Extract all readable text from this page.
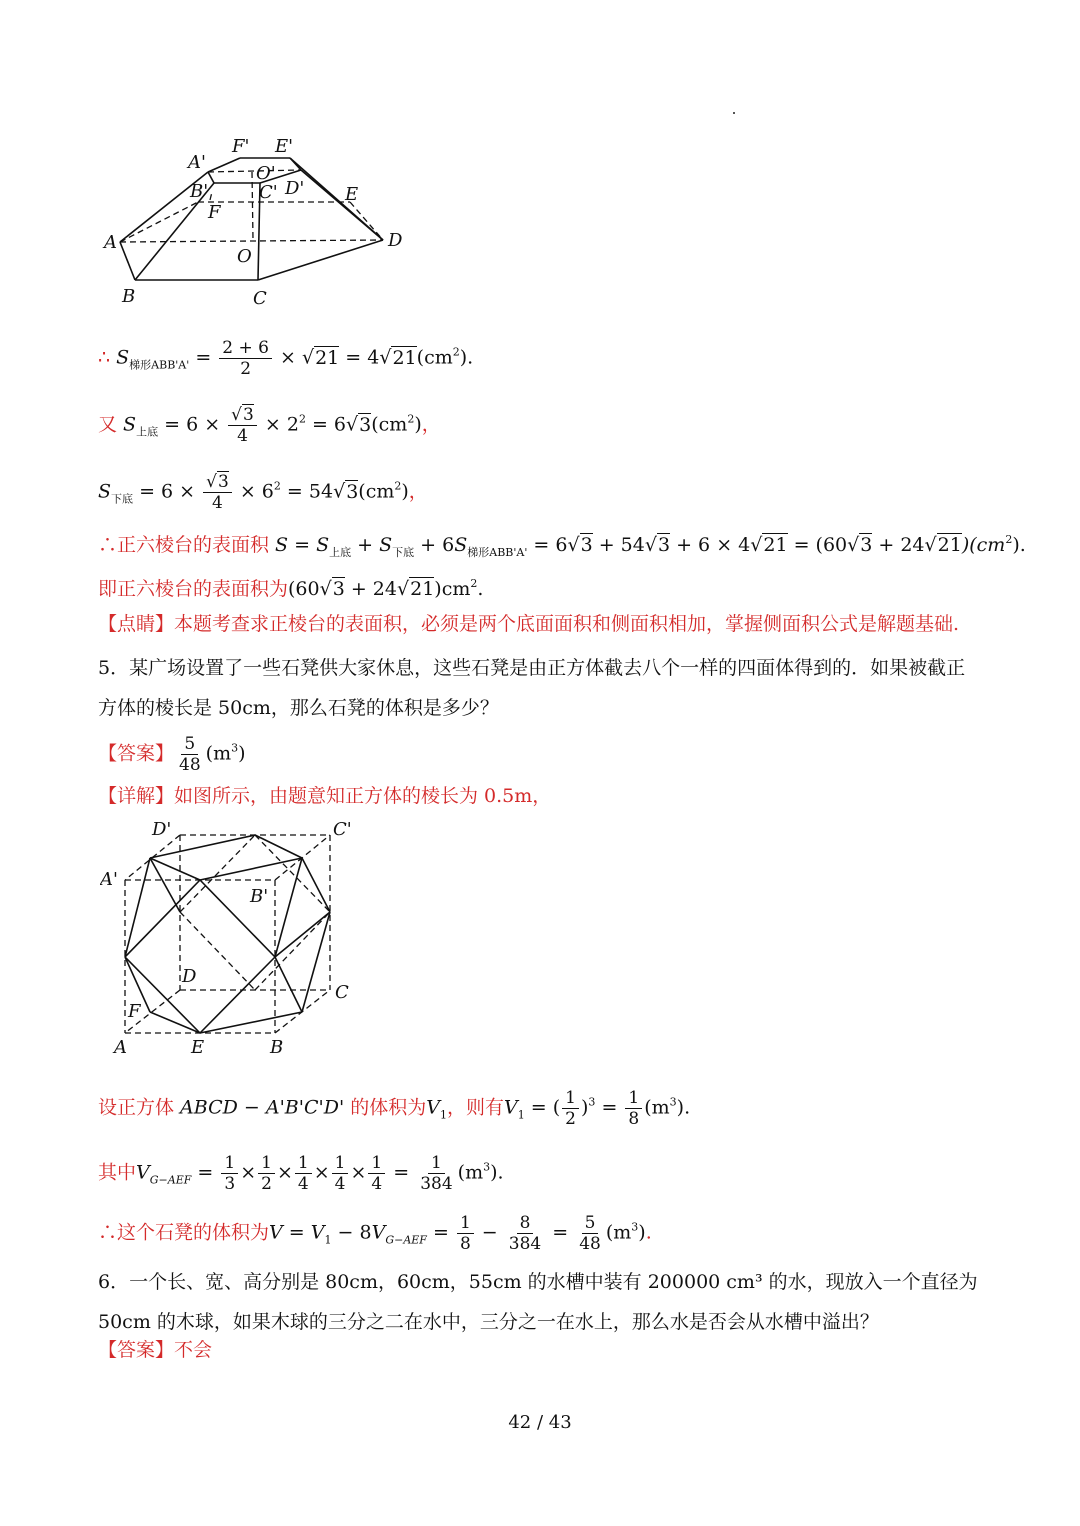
F' E'
A'
O'
B'	C' D' E
F
A	D
O
B	C
∴ $S_{梯形ABB'A'} = \frac{2 + 6}{2} \times √21 = 4√21(cm^2)$.
又 $S_{上底} = 6 \times \frac{√3}{4} \times 2^2 = 6√3(cm^2)$，
$S_{下底} = 6 \times \frac{√3}{4} \times 6^2 = 54√3(cm^2)$，
∴正六棱台的表面积 $S = S_{上底} + S_{下底} + 6S_{梯形ABB'A'} = 6√3 + 54√3 + 6 \times 4√21 = (60√3 + 24√21)(cm^2)$.
即正六棱台的表面积为$(60√3 + 24√21)cm^2$.
【点睛】本题考查求正棱台的表面积，必须是两个底面面积和侧面积相加，掌握侧面积公式是解题基础.
5．某广场设置了一些石凳供大家休息，这些石凳是由正方体截去八个一样的四面体得到的．如果被截正方体的棱长是 50cm，那么石凳的体积是多少？
【答案】 $\frac{5}{48} (m^3)$
【详解】如图所示，由题意知正方体的棱长为 0.5m，
D'	C'
A'
B'
D
C
F
A	E	B
设正方体 ABCD − A'B'C'D' 的体积为$V_1$，则有$V_1$ = ( $\frac{1}{2} )^3 = \frac{1}{8} (m^3)$.
其中$V_{G-AEF} = \frac{1}{3} \times \frac{1}{2} \times \frac{1}{4} \times \frac{1}{4} \times \frac{1}{4} = \frac{1}{384} (m^3)$.
∴这个石凳的体积为$V = V_1 - 8V_{G-AEF} = \frac{1}{8} - \frac{8}{384} = \frac{5}{48} (m^3)$.
6．一个长、宽、高分别是 80cm，60cm，55cm 的水槽中装有 200000 cm³ 的水，现放入一个直径为 50cm 的木球，如果木球的三分之二在水中，三分之一在水上，那么水是否会从水槽中溢出？
【答案】不会
42 / 43
